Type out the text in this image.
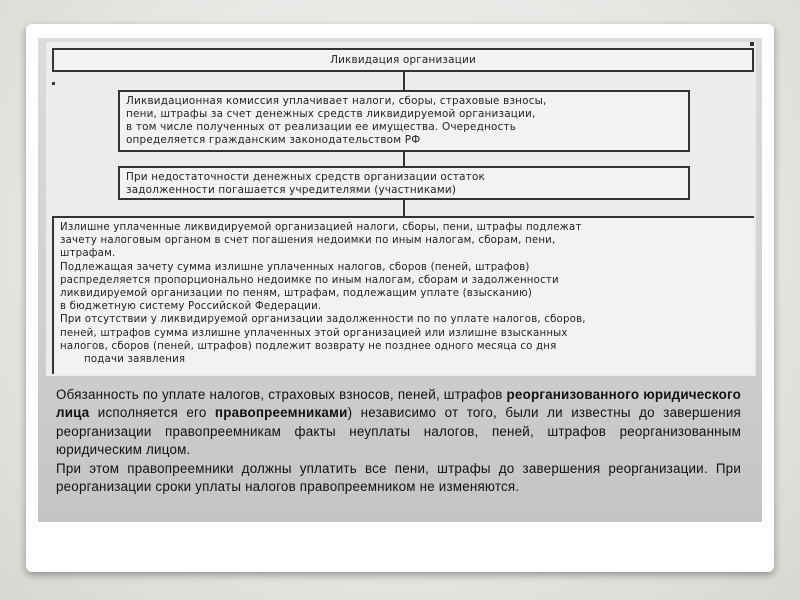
Ликвидация организации
Ликвидационная комиссия уплачивает налоги, сборы, страховые взносы,
пени, штрафы за счет денежных средств ликвидируемой организации,
в том числе полученных от реализации ее имущества. Очередность
определяется гражданским законодательством РФ
При недостаточности денежных средств организации остаток
задолженности погашается учредителями (участниками)
Излишне уплаченные ликвидируемой организацией налоги, сборы, пени, штрафы подлежат
зачету налоговым органом в счет погашения недоимки по иным налогам, сборам, пени,
штрафам.
Подлежащая зачету сумма излишне уплаченных налогов, сборов (пеней, штрафов)
распределяется пропорционально недоимке по иным налогам, сборам и задолженности
ликвидируемой организации по пеням, штрафам, подлежащим уплате (взысканию)
в бюджетную систему Российской Федерации.
При отсутствии у ликвидируемой организации задолженности по по уплате налогов, сборов,
пеней, штрафов сумма излишне уплаченных этой организацией или излишне взысканных
налогов, сборов (пеней, штрафов) подлежит возврату не позднее одного месяца со дня
подачи заявления

Обязанность по уплате налогов, страховых взносов, пеней, штрафов реорганизованного юридического лица исполняется его правопреемниками) независимо от того, были ли известны до завершения реорганизации правопреемникам факты неуплаты налогов, пеней, штрафов реорганизованным юридическим лицом.

При этом правопреемники должны уплатить все пени, штрафы до завершения реорганизации. При реорганизации сроки уплаты налогов правопреемником не изменяются.
